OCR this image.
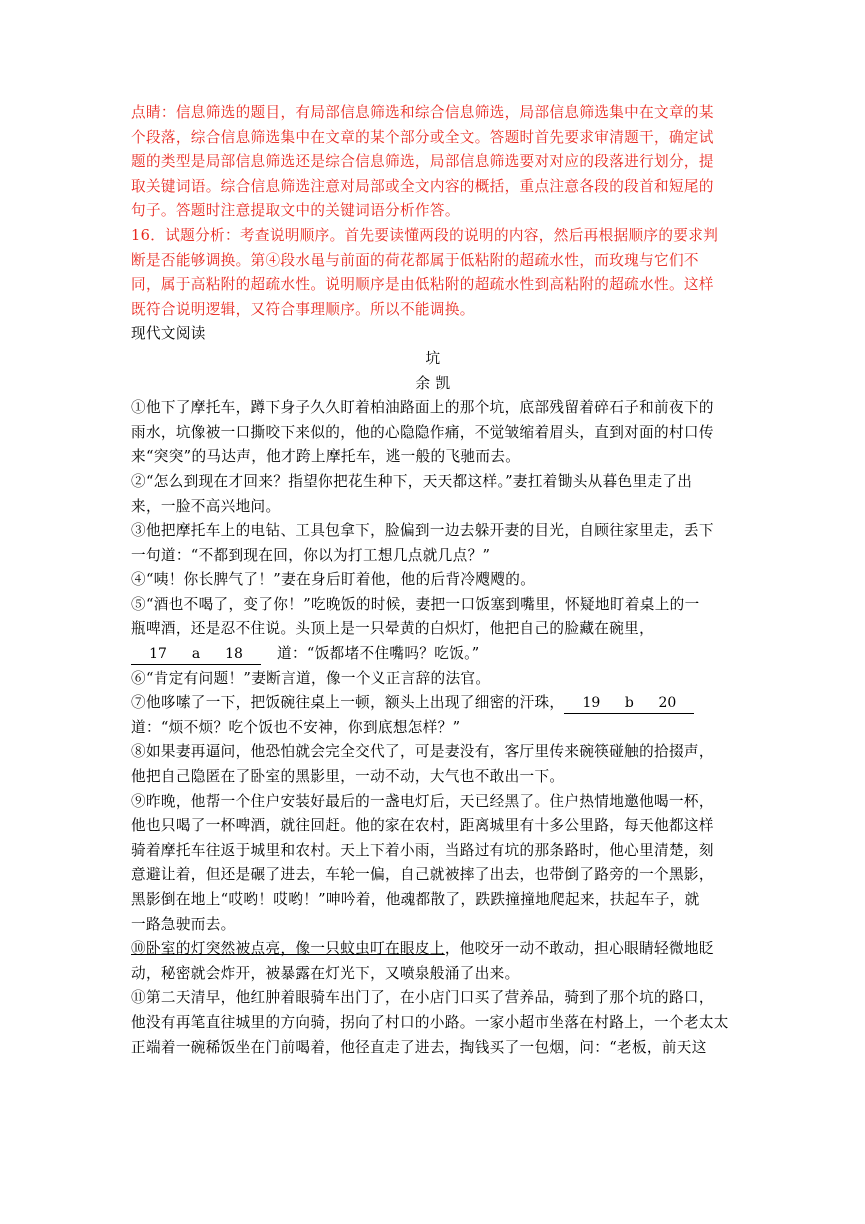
点睛：信息筛选的题目，有局部信息筛选和综合信息筛选，局部信息筛选集中在文章的某
个段落，综合信息筛选集中在文章的某个部分或全文。答题时首先要求审清题干，确定试
题的类型是局部信息筛选还是综合信息筛选，局部信息筛选要对对应的段落进行划分，提
取关键词语。综合信息筛选注意对局部或全文内容的概括，重点注意各段的段首和短尾的
句子。答题时注意提取文中的关键词语分析作答。
16．试题分析：考查说明顺序。首先要读懂两段的说明的内容，然后再根据顺序的要求判
断是否能够调换。第④段水黾与前面的荷花都属于低粘附的超疏水性，而玫瑰与它们不
同，属于高粘附的超疏水性。说明顺序是由低粘附的超疏水性到高粘附的超疏水性。这样
既符合说明逻辑，又符合事理顺序。所以不能调换。
现代文阅读
坑
余 凯
①他下了摩托车，蹲下身子久久盯着柏油路面上的那个坑，底部残留着碎石子和前夜下的
雨水，坑像被一口撕咬下来似的，他的心隐隐作痛，不觉皱缩着眉头，直到对面的村口传
来“突突”的马达声，他才跨上摩托车，逃一般的飞驰而去。
②“怎么到现在才回来？指望你把花生种下，天天都这样。”妻扛着锄头从暮色里走了出
来，一脸不高兴地问。
③他把摩托车上的电钻、工具包拿下，脸偏到一边去躲开妻的目光，自顾往家里走，丢下
一句道：“不都到现在回，你以为打工想几点就几点？”
④“咦！你长脾气了！”妻在身后盯着他，他的后背冷飕飕的。
⑤“酒也不喝了，变了你！”吃晚饭的时候，妻把一口饭塞到嘴里，怀疑地盯着桌上的一
瓶啤酒，还是忍不住说。头顶上是一只晕黄的白炽灯，他把自己的脸藏在碗里，
17 a 18 道：“饭都堵不住嘴吗？吃饭。”
⑥“肯定有问题！”妻断言道，像一个义正言辞的法官。
⑦他哆嗦了一下，把饭碗往桌上一顿，额头上出现了细密的汗珠， 19 b 20
道：“烦不烦？吃个饭也不安神，你到底想怎样？”
⑧如果妻再逼问，他恐怕就会完全交代了，可是妻没有，客厅里传来碗筷碰触的拾掇声，
他把自己隐匿在了卧室的黑影里，一动不动，大气也不敢出一下。
⑨昨晚，他帮一个住户安装好最后的一盏电灯后，天已经黑了。住户热情地邀他喝一杯，
他也只喝了一杯啤酒，就往回赶。他的家在农村，距离城里有十多公里路，每天他都这样
骑着摩托车往返于城里和农村。天上下着小雨，当路过有坑的那条路时，他心里清楚，刻
意避让着，但还是碾了进去，车轮一偏，自己就被摔了出去，也带倒了路旁的一个黑影，
黑影倒在地上“哎哟！哎哟！”呻吟着，他魂都散了，跌跌撞撞地爬起来，扶起车子，就
一路急驶而去。
⑩卧室的灯突然被点亮，像一只蚊虫叮在眼皮上，他咬牙一动不敢动，担心眼睛轻微地眨
动，秘密就会炸开，被暴露在灯光下，又喷泉般涌了出来。
⑪第二天清早，他红肿着眼骑车出门了，在小店门口买了营养品，骑到了那个坑的路口，
他没有再笔直往城里的方向骑，拐向了村口的小路。一家小超市坐落在村路上，一个老太太
正端着一碗稀饭坐在门前喝着，他径直走了进去，掏钱买了一包烟，问：“老板，前天这
